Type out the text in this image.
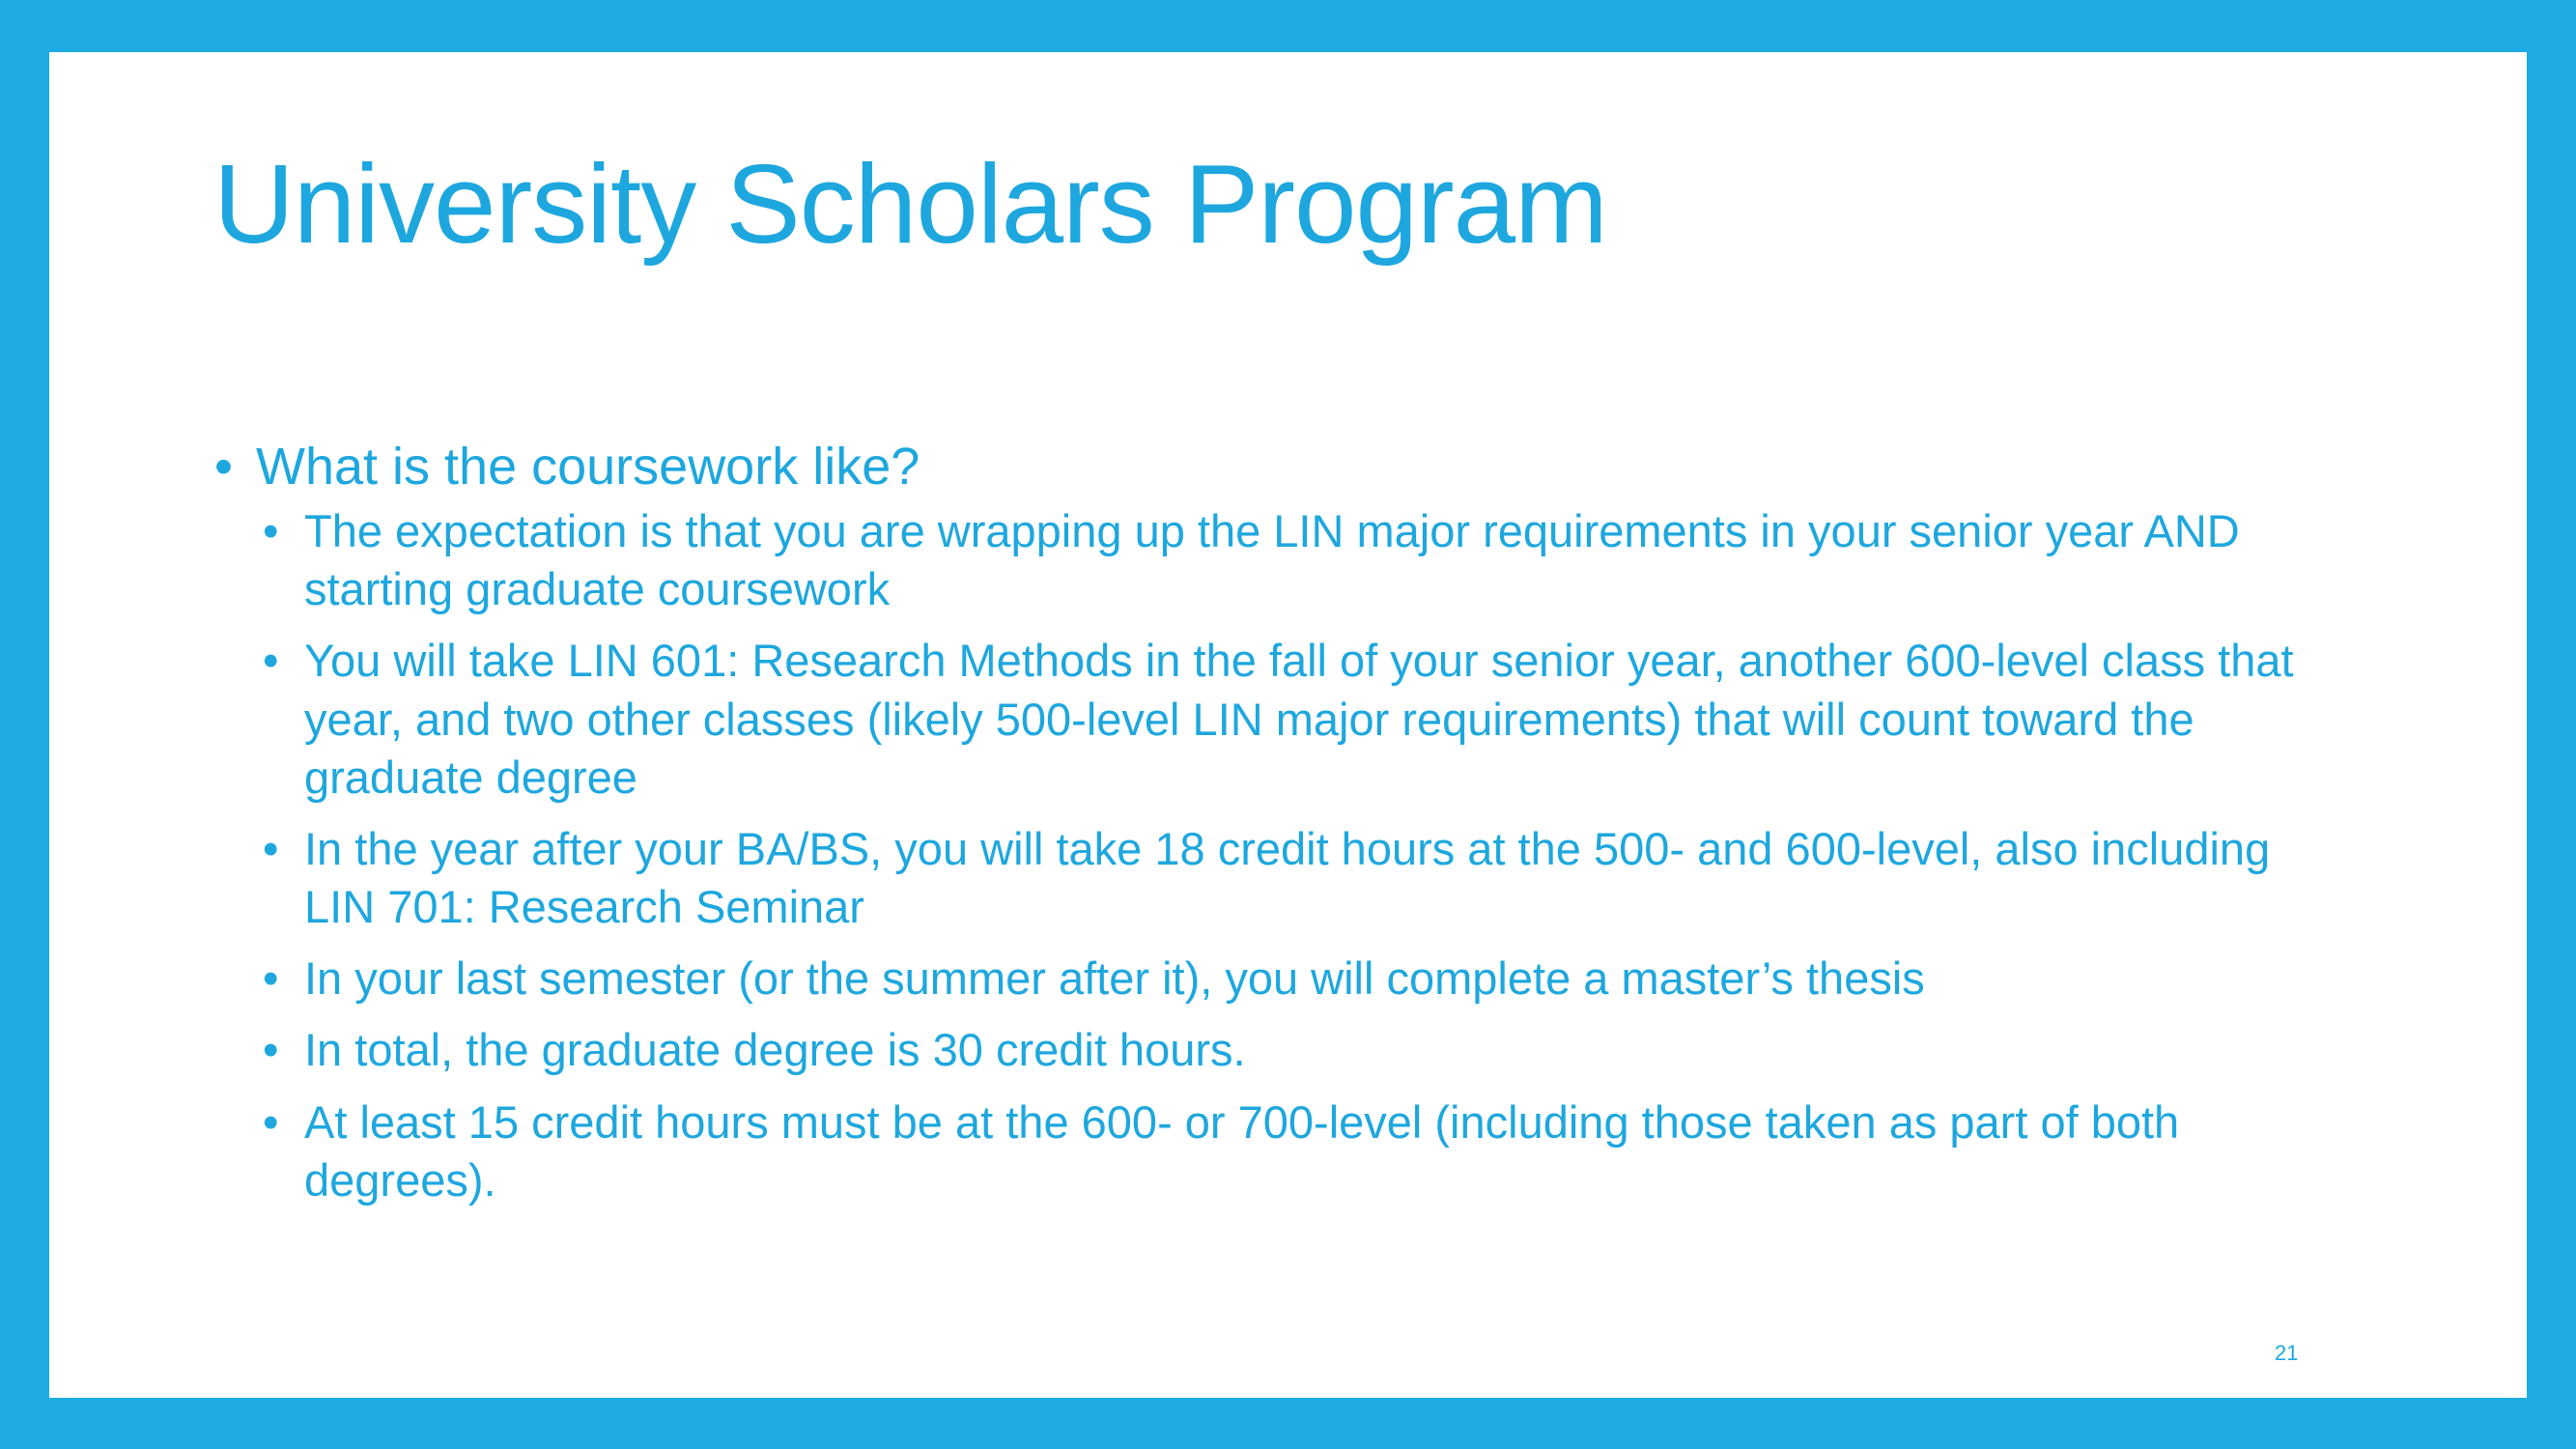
University Scholars Program
• What is the coursework like?
• The expectation is that you are wrapping up the LIN major requirements in your senior year AND starting graduate coursework
• You will take LIN 601: Research Methods in the fall of your senior year, another 600-level class that year, and two other classes (likely 500-level LIN major requirements) that will count toward the graduate degree
• In the year after your BA/BS, you will take 18 credit hours at the 500- and 600-level, also including LIN 701: Research Seminar
• In your last semester (or the summer after it), you will complete a master’s thesis
• In total, the graduate degree is 30 credit hours.
• At least 15 credit hours must be at the 600- or 700-level (including those taken as part of both degrees).

21
